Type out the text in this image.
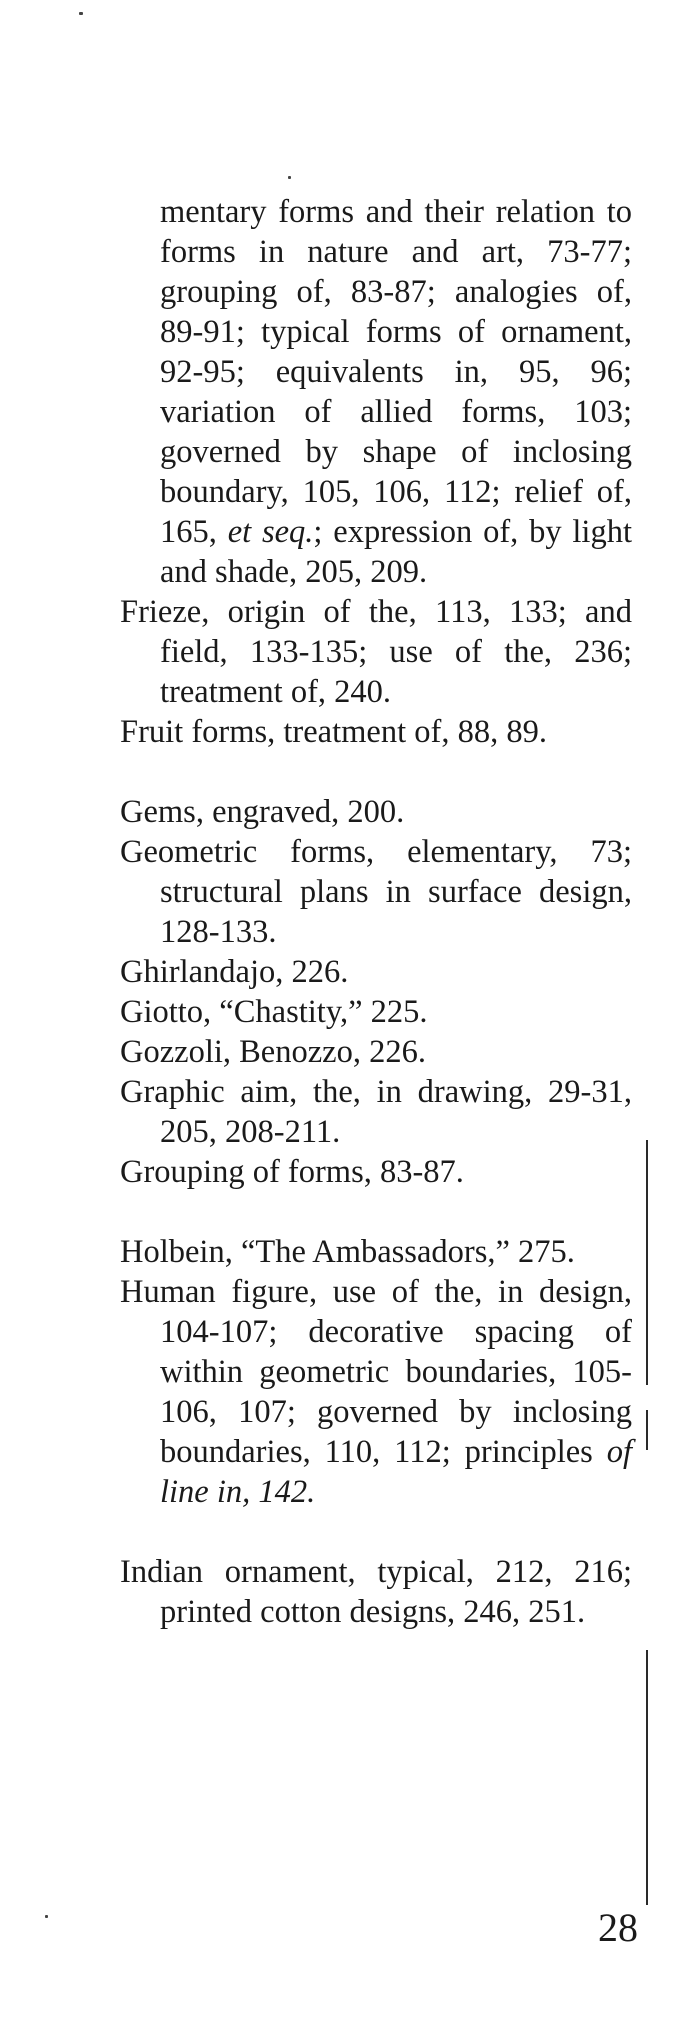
mentary forms and their relation to forms in nature and art, 73-77; grouping of, 83-87; analogies of, 89-91; typical forms of ornament, 92-95; equivalents in, 95, 96; variation of allied forms, 103; governed by shape of inclosing boundary, 105, 106, 112; relief of, 165, et seq.; expression of, by light and shade, 205, 209.

Frieze, origin of the, 113, 133; and field, 133-135; use of the, 236; treatment of, 240.

Fruit forms, treatment of, 88, 89.

Gems, engraved, 200.

Geometric forms, elementary, 73; structural plans in surface design, 128-133.

Ghirlandajo, 226.

Giotto, “Chastity,” 225.

Gozzoli, Benozzo, 226.

Graphic aim, the, in drawing, 29-31, 205, 208-211.

Grouping of forms, 83-87.

Holbein, “The Ambassadors,” 275.

Human figure, use of the, in design, 104-107; decorative spacing of within geometric boundaries, 105-106, 107; governed by inclosing boundaries, 110, 112; principles of line in, 142.

Indian ornament, typical, 212, 216; printed cotton designs, 246, 251.

28
